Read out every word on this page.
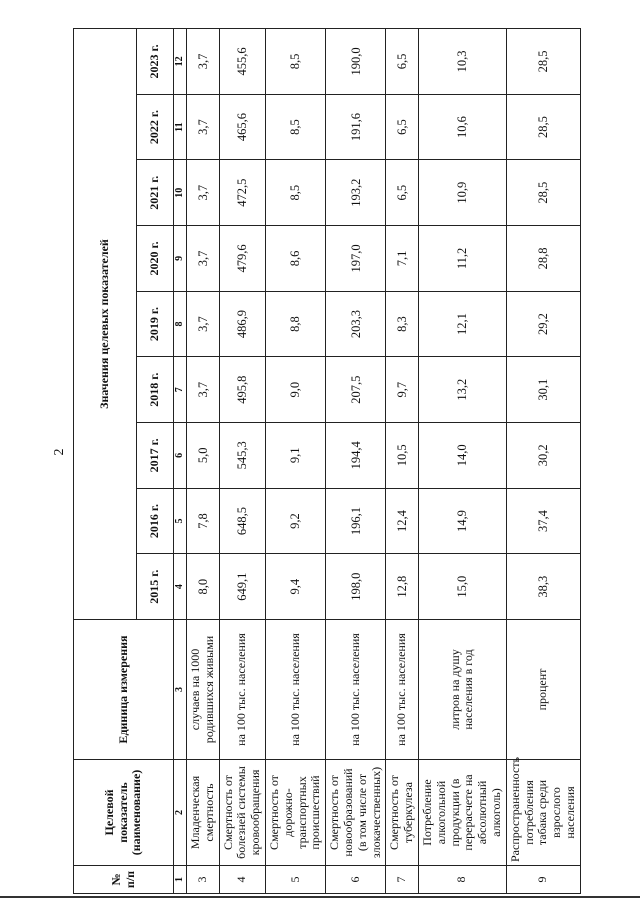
2
№ п/п	Целевой показатель (наименование)	Единица измерения	Значения целевых показателей								
			2015 г.	2016 г.	2017 г.	2018 г.	2019 г.	2020 г.	2021 г.	2022 г.	2023 г.
1	2	3	4	5	6	7	8	9	10	11	12
3	Младенческая смертность	случаев на 1000 родившихся живыми	8,0	7,8	5,0	3,7	3,7	3,7	3,7	3,7	3,7
4	Смертность от болезней системы кровообращения	на 100 тыс. населения	649,1	648,5	545,3	495,8	486,9	479,6	472,5	465,6	455,6
5	Смертность от дорожно-транспортных происшествий	на 100 тыс. населения	9,4	9,2	9,1	9,0	8,8	8,6	8,5	8,5	8,5
6	Смертность от новообразований (в том числе от злокачественных)	на 100 тыс. населения	198,0	196,1	194,4	207,5	203,3	197,0	193,2	191,6	190,0
7	Смертность от туберкулеза	на 100 тыс. населения	12,8	12,4	10,5	9,7	8,3	7,1	6,5	6,5	6,5
8	Потребление алкогольной продукции (в перерасчете на абсолютный алкоголь)	литров на душу населения в год	15,0	14,9	14,0	13,2	12,1	11,2	10,9	10,6	10,3
9	Распространенность потребления табака среди взрослого населения	процент	38,3	37,4	30,2	30,1	29,2	28,8	28,5	28,5	28,5
